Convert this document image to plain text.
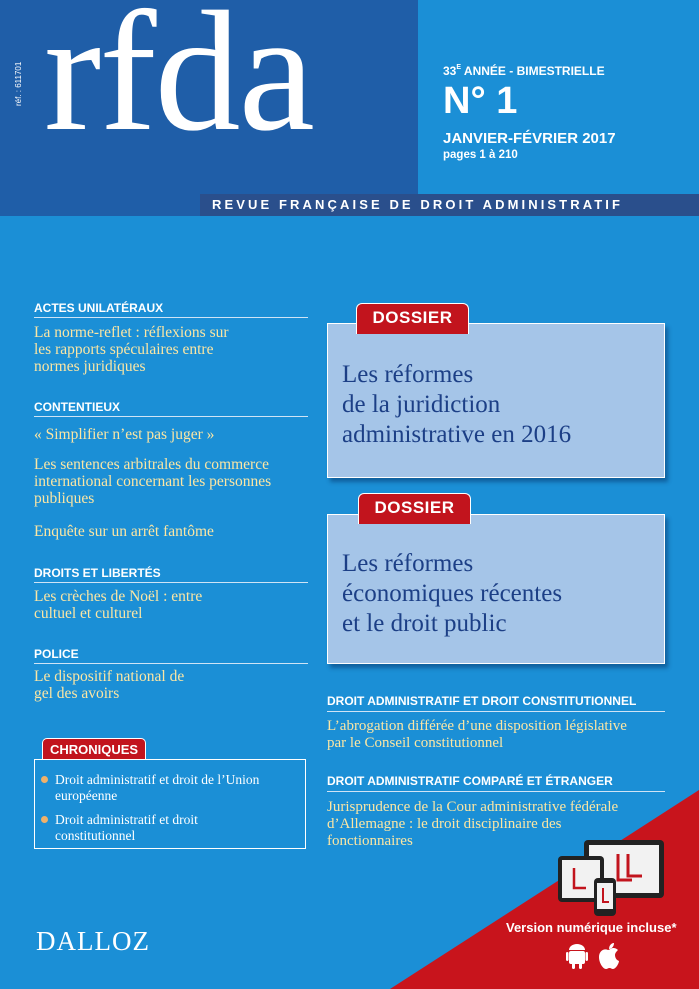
réf. : 611701 rfda	$33^E$ ANNÉE - BIMESTRIELLE
N° 1
JANVIER-FÉVRIER 2017
pages 1 à 210
REVUE FRANÇAISE DE DROIT ADMINISTRATIF
ACTES UNILATÉRAUX
La norme-reflet : réflexions sur les rapports spéculaires entre normes juridiques
CONTENTIEUX
« Simplifier n’est pas juger »
Les sentences arbitrales du commerce international concernant les personnes publiques
Enquête sur un arrêt fantôme
DROITS ET LIBERTÉS
Les crèches de Noël : entre cultuel et culturel
POLICE
Le dispositif national de gel des avoirs
CHRONIQUES
Droit administratif et droit de l’Union européenne
Droit administratif et droit constitutionnel
Les réformes
de la juridiction
administrative en 2016
DOSSIER
Les réformes
économiques récentes
et le droit public
DOSSIER
DROIT ADMINISTRATIF ET DROIT CONSTITUTIONNEL
L’abrogation différée d’une disposition législative par le Conseil constitutionnel
DROIT ADMINISTRATIF COMPARÉ ET ÉTRANGER
Jurisprudence de la Cour administrative fédérale d’Allemagne : le droit disciplinaire des fonctionnaires
Version numérique incluse*
DALLOZ
